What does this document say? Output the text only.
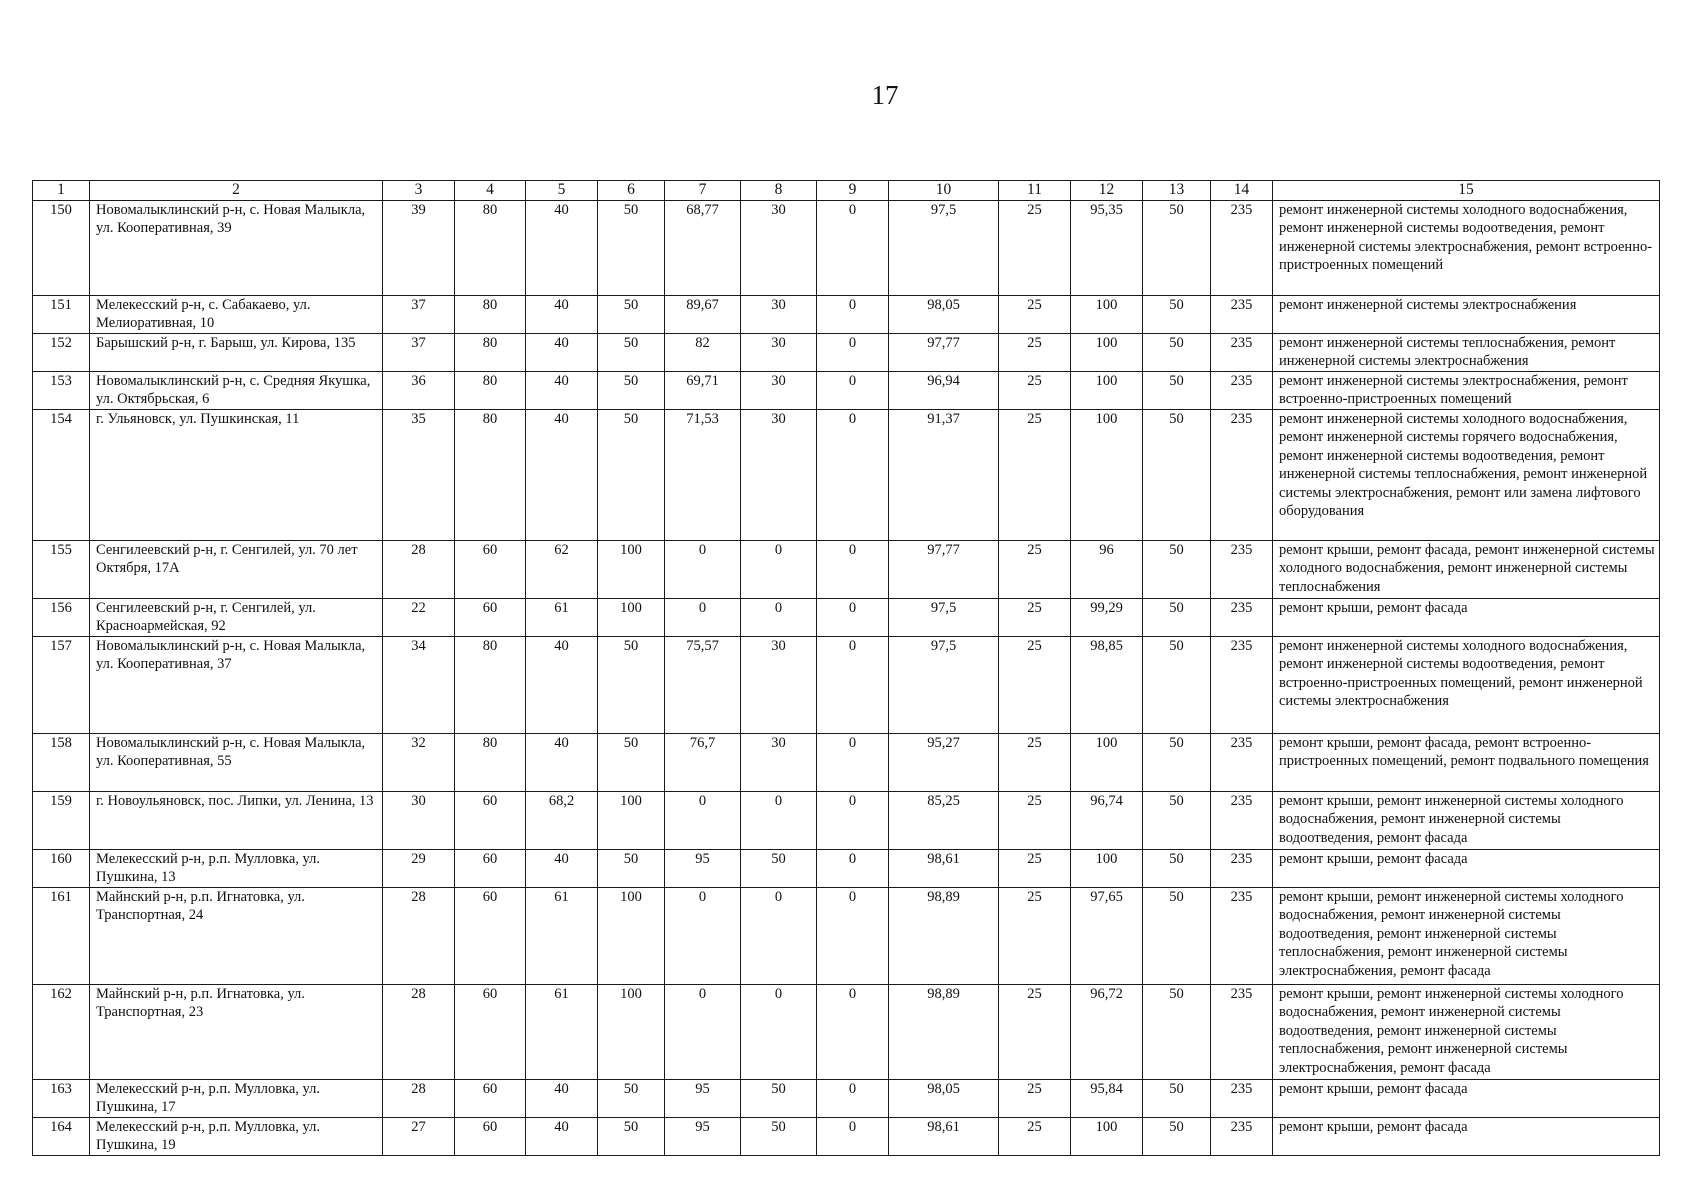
17
1	2	3	4	5	6	7	8	9	10	11	12	13	14	15
150	Новомалыклинский р-н, с. Новая Малыкла, ул. Кооперативная, 39	39	80	40	50	68,77	30	0	97,5	25	95,35	50	235	ремонт инженерной системы холодного водоснабжения, ремонт инженерной системы водоотведения, ремонт инженерной системы электроснабжения, ремонт встроенно-пристроенных помещений
151	Мелекесский р-н, с. Сабакаево, ул. Мелиоративная, 10	37	80	40	50	89,67	30	0	98,05	25	100	50	235	ремонт инженерной системы электроснабжения
152	Барышский р-н, г. Барыш, ул. Кирова, 135	37	80	40	50	82	30	0	97,77	25	100	50	235	ремонт инженерной системы теплоснабжения, ремонт инженерной системы электроснабжения
153	Новомалыклинский р-н, с. Средняя Якушка, ул. Октябрьская, 6	36	80	40	50	69,71	30	0	96,94	25	100	50	235	ремонт инженерной системы электроснабжения, ремонт встроенно-пристроенных помещений
154	г. Ульяновск, ул. Пушкинская, 11	35	80	40	50	71,53	30	0	91,37	25	100	50	235	ремонт инженерной системы холодного водоснабжения, ремонт инженерной системы горячего водоснабжения, ремонт инженерной системы водоотведения, ремонт инженерной системы теплоснабжения, ремонт инженерной системы электроснабжения, ремонт или замена лифтового оборудования
155	Сенгилеевский р-н, г. Сенгилей, ул. 70 лет Октября, 17А	28	60	62	100	0	0	0	97,77	25	96	50	235	ремонт крыши, ремонт фасада, ремонт инженерной системы холодного водоснабжения, ремонт инженерной системы теплоснабжения
156	Сенгилеевский р-н, г. Сенгилей, ул. Красноармейская, 92	22	60	61	100	0	0	0	97,5	25	99,29	50	235	ремонт крыши, ремонт фасада
157	Новомалыклинский р-н, с. Новая Малыкла, ул. Кооперативная, 37	34	80	40	50	75,57	30	0	97,5	25	98,85	50	235	ремонт инженерной системы холодного водоснабжения, ремонт инженерной системы водоотведения, ремонт встроенно-пристроенных помещений, ремонт инженерной системы электроснабжения
158	Новомалыклинский р-н, с. Новая Малыкла, ул. Кооперативная, 55	32	80	40	50	76,7	30	0	95,27	25	100	50	235	ремонт крыши, ремонт фасада, ремонт встроенно-пристроенных помещений, ремонт подвального помещения
159	г. Новоульяновск, пос. Липки, ул. Ленина, 13	30	60	68,2	100	0	0	0	85,25	25	96,74	50	235	ремонт крыши, ремонт инженерной системы холодного водоснабжения, ремонт инженерной системы водоотведения, ремонт фасада
160	Мелекесский р-н, р.п. Мулловка, ул. Пушкина, 13	29	60	40	50	95	50	0	98,61	25	100	50	235	ремонт крыши, ремонт фасада
161	Майнский р-н, р.п. Игнатовка, ул. Транспортная, 24	28	60	61	100	0	0	0	98,89	25	97,65	50	235	ремонт крыши, ремонт инженерной системы холодного водоснабжения, ремонт инженерной системы водоотведения, ремонт инженерной системы теплоснабжения, ремонт инженерной системы электроснабжения, ремонт фасада
162	Майнский р-н, р.п. Игнатовка, ул. Транспортная, 23	28	60	61	100	0	0	0	98,89	25	96,72	50	235	ремонт крыши, ремонт инженерной системы холодного водоснабжения, ремонт инженерной системы водоотведения, ремонт инженерной системы теплоснабжения, ремонт инженерной системы электроснабжения, ремонт фасада
163	Мелекесский р-н, р.п. Мулловка, ул. Пушкина, 17	28	60	40	50	95	50	0	98,05	25	95,84	50	235	ремонт крыши, ремонт фасада
164	Мелекесский р-н, р.п. Мулловка, ул. Пушкина, 19	27	60	40	50	95	50	0	98,61	25	100	50	235	ремонт крыши, ремонт фасада
